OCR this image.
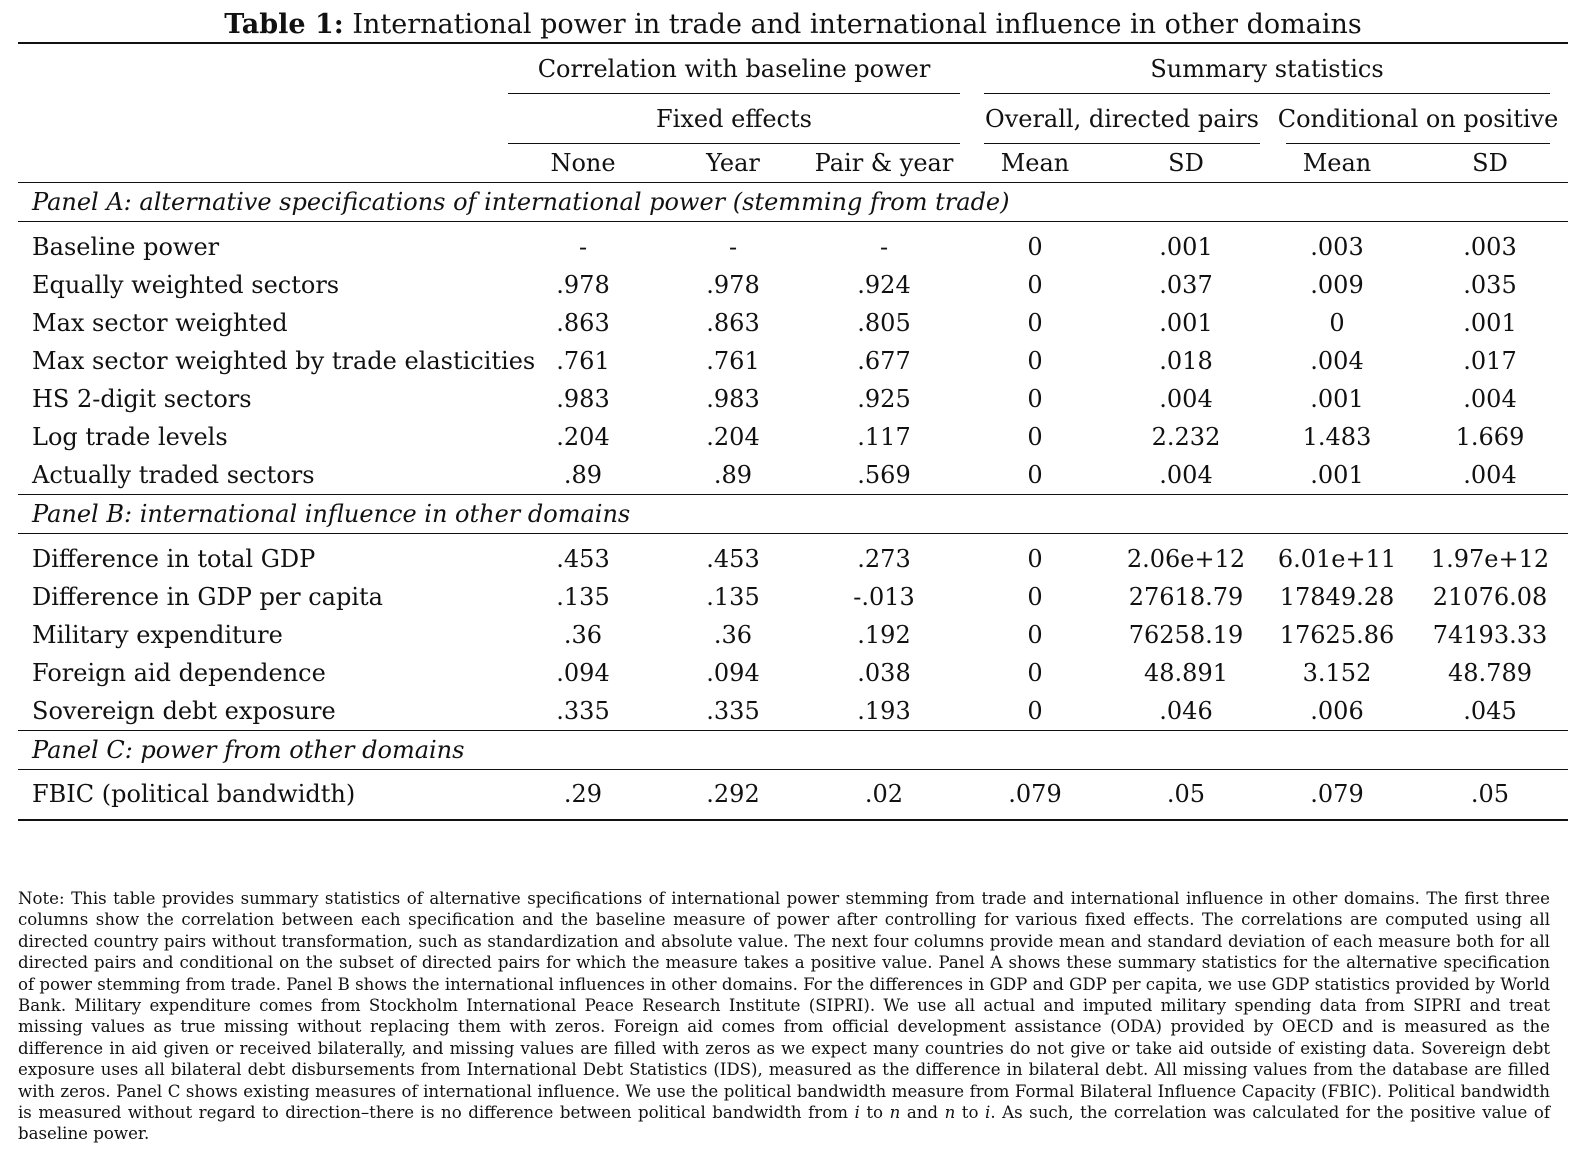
Table 1: International power in trade and international influence in other domains

Correlation with baseline power			Summary statistics			

Fixed effects			Overall, directed pairs		Conditional on positive	

	None	Year	Pair & year	Mean	SD	Mean	SD
Panel A: alternative specifications of international power (stemming from trade)							
Baseline power	-	-	-	0	.001	.003	.003
Equally weighted sectors	.978	.978	.924	0	.037	.009	.035
Max sector weighted	.863	.863	.805	0	.001	0	.001
Max sector weighted by trade elasticities	.761	.761	.677	0	.018	.004	.017
HS 2-digit sectors	.983	.983	.925	0	.004	.001	.004
Log trade levels	.204	.204	.117	0	2.232	1.483	1.669
Actually traded sectors	.89	.89	.569	0	.004	.001	.004
Panel B: international influence in other domains							
Difference in total GDP	.453	.453	.273	0	2.06e+12	6.01e+11	1.97e+12
Difference in GDP per capita	.135	.135	-.013	0	27618.79	17849.28	21076.08
Military expenditure	.36	.36	.192	0	76258.19	17625.86	74193.33
Foreign aid dependence	.094	.094	.038	0	48.891	3.152	48.789
Sovereign debt exposure	.335	.335	.193	0	.046	.006	.045
Panel C: power from other domains							
FBIC (political bandwidth)	.29	.292	.02	.079	.05	.079	.05
Note: This table provides summary statistics of alternative specifications of international power stemming from trade and international influence in other domains. The first three columns show the correlation between each specification and the baseline measure of power after controlling for various fixed effects. The correlations are computed using all directed country pairs without transformation, such as standardization and absolute value. The next four columns provide mean and standard deviation of each measure both for all directed pairs and conditional on the subset of directed pairs for which the measure takes a positive value. Panel A shows these summary statistics for the alternative specification of power stemming from trade. Panel B shows the international influences in other domains. For the differences in GDP and GDP per capita, we use GDP statistics provided by World Bank. Military expenditure comes from Stockholm International Peace Research Institute (SIPRI). We use all actual and imputed military spending data from SIPRI and treat missing values as true missing without replacing them with zeros. Foreign aid comes from official development assistance (ODA) provided by OECD and is measured as the difference in aid given or received bilaterally, and missing values are filled with zeros as we expect many countries do not give or take aid outside of existing data. Sovereign debt exposure uses all bilateral debt disbursements from International Debt Statistics (IDS), measured as the difference in bilateral debt. All missing values from the database are filled with zeros. Panel C shows existing measures of international influence. We use the political bandwidth measure from Formal Bilateral Influence Capacity (FBIC). Political bandwidth is measured without regard to direction–there is no difference between political bandwidth from i to n and n to i. As such, the correlation was calculated for the positive value of baseline power.
